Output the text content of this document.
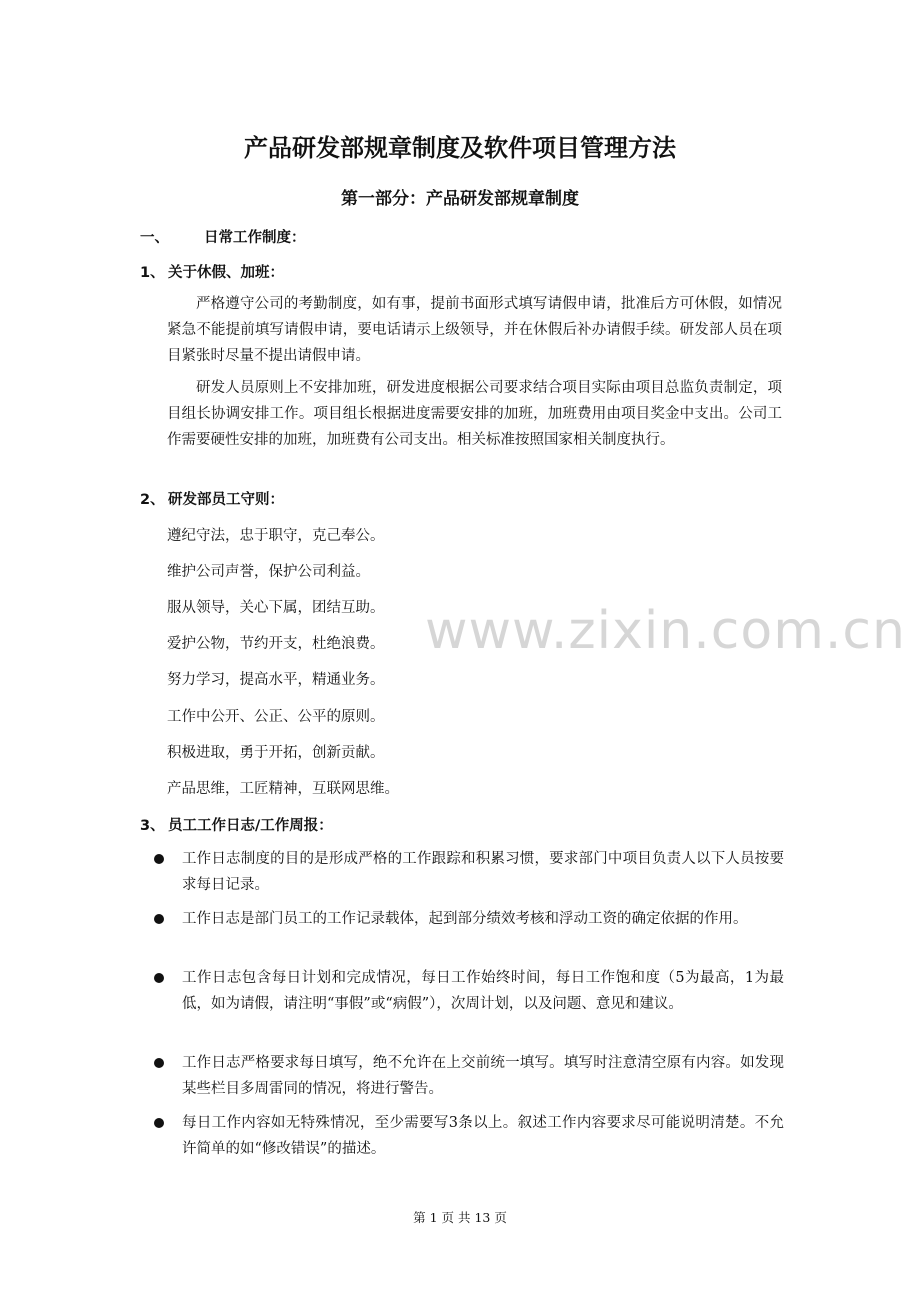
www.zixin.com.cn
产品研发部规章制度及软件项目管理方法
第一部分：产品研发部规章制度
一、 日常工作制度：
1、 关于休假、加班：
严格遵守公司的考勤制度，如有事，提前书面形式填写请假申请，批准后方可休假，如情况紧急不能提前填写请假申请，要电话请示上级领导，并在休假后补办请假手续。研发部人员在项目紧张时尽量不提出请假申请。
研发人员原则上不安排加班，研发进度根据公司要求结合项目实际由项目总监负责制定，项目组长协调安排工作。项目组长根据进度需要安排的加班，加班费用由项目奖金中支出。公司工作需要硬性安排的加班，加班费有公司支出。相关标准按照国家相关制度执行。
2、 研发部员工守则：
遵纪守法，忠于职守，克己奉公。
维护公司声誉，保护公司利益。
服从领导，关心下属，团结互助。
爱护公物，节约开支，杜绝浪费。
努力学习，提高水平，精通业务。
工作中公开、公正、公平的原则。
积极进取，勇于开拓，创新贡献。
产品思维，工匠精神，互联网思维。
3、 员工工作日志/工作周报：
工作日志制度的目的是形成严格的工作跟踪和积累习惯，要求部门中项目负责人以下人员按要求每日记录。
工作日志是部门员工的工作记录载体，起到部分绩效考核和浮动工资的确定依据的作用。
工作日志包含每日计划和完成情况，每日工作始终时间，每日工作饱和度（5为最高，1为最低，如为请假，请注明“事假”或“病假”），次周计划，以及问题、意见和建议。
工作日志严格要求每日填写，绝不允许在上交前统一填写。填写时注意清空原有内容。如发现某些栏目多周雷同的情况，将进行警告。
每日工作内容如无特殊情况，至少需要写3条以上。叙述工作内容要求尽可能说明清楚。不允许简单的如“修改错误”的描述。
第 1 页 共 13 页
